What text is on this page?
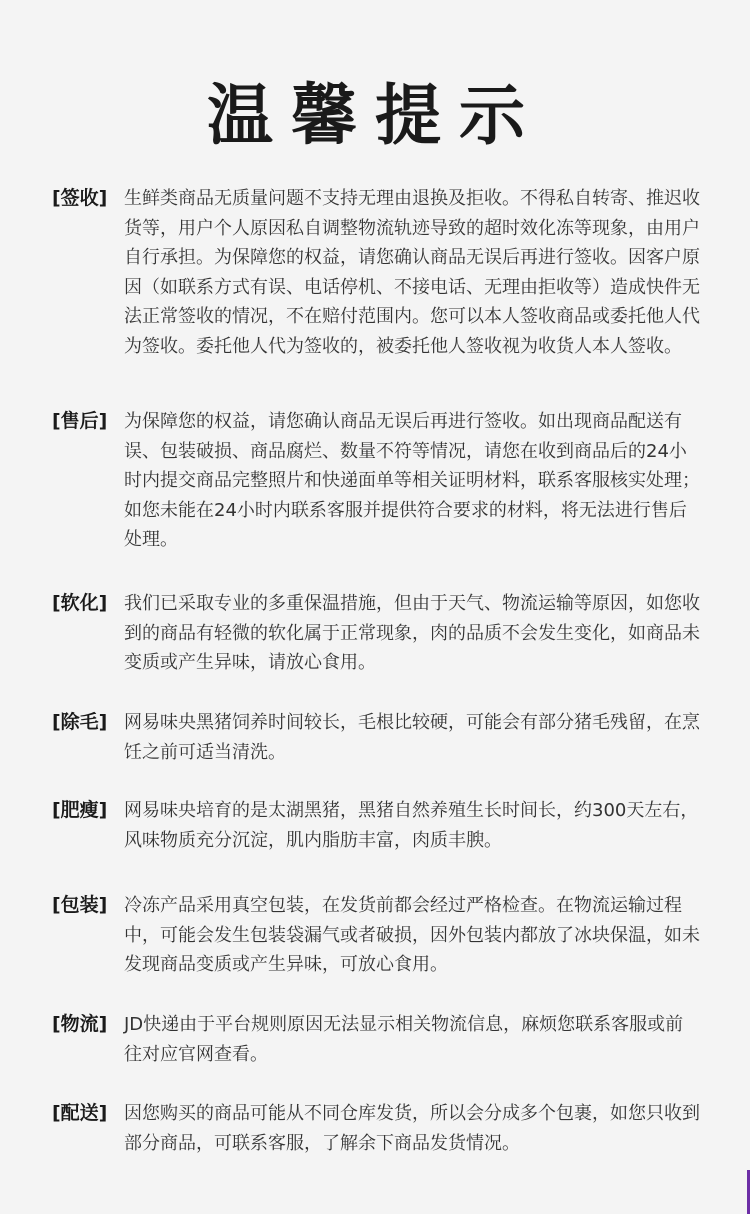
温馨提示
[签收] 生鲜类商品无质量问题不支持无理由退换及拒收。不得私自转寄、推迟收货等，用户个人原因私自调整物流轨迹导致的超时效化冻等现象，由用户自行承担。为保障您的权益，请您确认商品无误后再进行签收。因客户原因（如联系方式有误、电话停机、不接电话、无理由拒收等）造成快件无法正常签收的情况，不在赔付范围内。您可以本人签收商品或委托他人代为签收。委托他人代为签收的，被委托他人签收视为收货人本人签收。
[售后] 为保障您的权益，请您确认商品无误后再进行签收。如出现商品配送有误、包装破损、商品腐烂、数量不符等情况，请您在收到商品后的24小时内提交商品完整照片和快递面单等相关证明材料，联系客服核实处理；如您未能在24小时内联系客服并提供符合要求的材料，将无法进行售后处理。
[软化] 我们已采取专业的多重保温措施，但由于天气、物流运输等原因，如您收到的商品有轻微的软化属于正常现象，肉的品质不会发生变化，如商品未变质或产生异味，请放心食用。
[除毛] 网易味央黑猪饲养时间较长，毛根比较硬，可能会有部分猪毛残留，在烹饪之前可适当清洗。
[肥瘦] 网易味央培育的是太湖黑猪，黑猪自然养殖生长时间长，约300天左右，风味物质充分沉淀，肌内脂肪丰富，肉质丰腴。
[包装] 冷冻产品采用真空包装，在发货前都会经过严格检查。在物流运输过程中，可能会发生包装袋漏气或者破损，因外包装内都放了冰块保温，如未发现商品变质或产生异味，可放心食用。
[物流] JD快递由于平台规则原因无法显示相关物流信息，麻烦您联系客服或前往对应官网查看。
[配送] 因您购买的商品可能从不同仓库发货，所以会分成多个包裹，如您只收到部分商品，可联系客服，了解余下商品发货情况。
